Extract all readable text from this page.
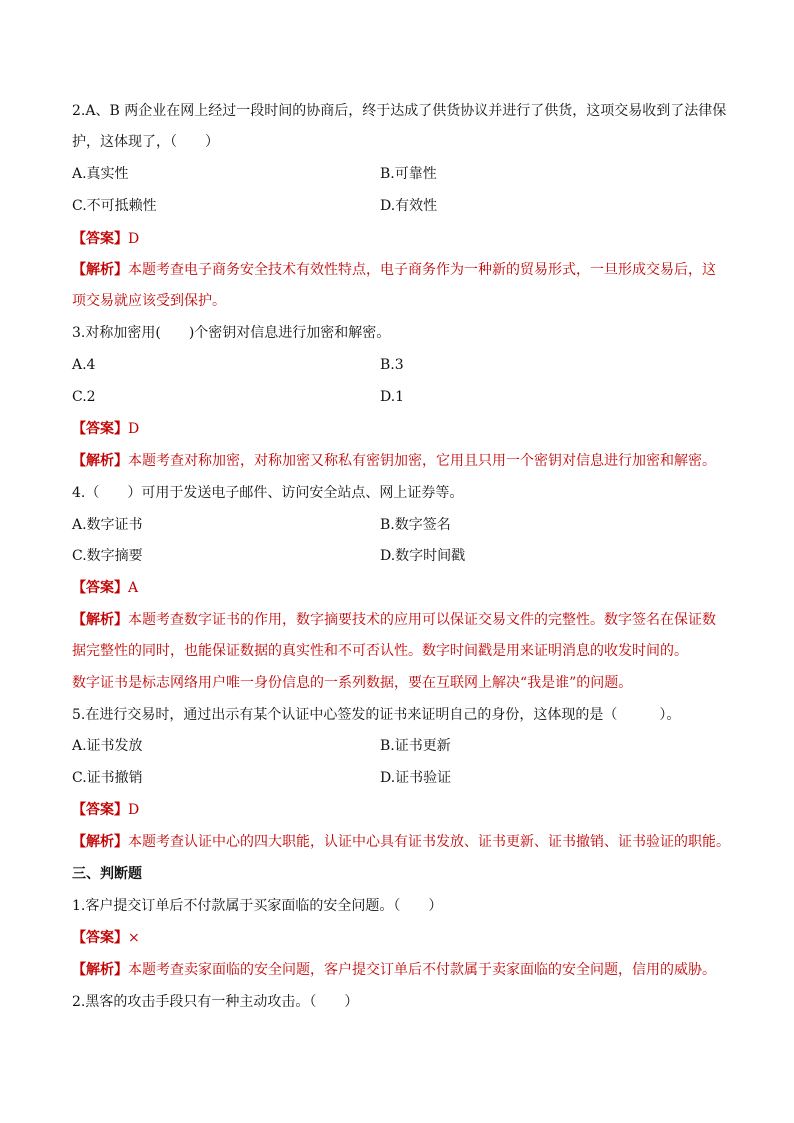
2.A、B 两企业在网上经过一段时间的协商后，终于达成了供货协议并进行了供货，这项交易收到了法律保
护，这体现了，（　　）
A.真实性	B.可靠性
C.不可抵赖性	D.有效性
【答案】D
【解析】本题考查电子商务安全技术有效性特点，电子商务作为一种新的贸易形式，一旦形成交易后，这
项交易就应该受到保护。
3.对称加密用(　　)个密钥对信息进行加密和解密。
A.4	B.3
C.2	D.1
【答案】D
【解析】本题考查对称加密，对称加密又称私有密钥加密，它用且只用一个密钥对信息进行加密和解密。
4.（　　）可用于发送电子邮件、访问安全站点、网上证券等。
A.数字证书	B.数字签名
C.数字摘要	D.数字时间戳
【答案】A
【解析】本题考查数字证书的作用，数字摘要技术的应用可以保证交易文件的完整性。数字签名在保证数
据完整性的同时，也能保证数据的真实性和不可否认性。数字时间戳是用来证明消息的收发时间的。
数字证书是标志网络用户唯一身份信息的一系列数据，要在互联网上解决“我是谁”的问题。
5.在进行交易时，通过出示有某个认证中心签发的证书来证明自己的身份，这体现的是（　　　）。
A.证书发放	B.证书更新
C.证书撤销	D.证书验证
【答案】D
【解析】本题考查认证中心的四大职能，认证中心具有证书发放、证书更新、证书撤销、证书验证的职能。
三、判断题
1.客户提交订单后不付款属于买家面临的安全问题。（　　）
【答案】×
【解析】本题考查卖家面临的安全问题，客户提交订单后不付款属于卖家面临的安全问题，信用的威胁。
2.黑客的攻击手段只有一种主动攻击。（　　）
